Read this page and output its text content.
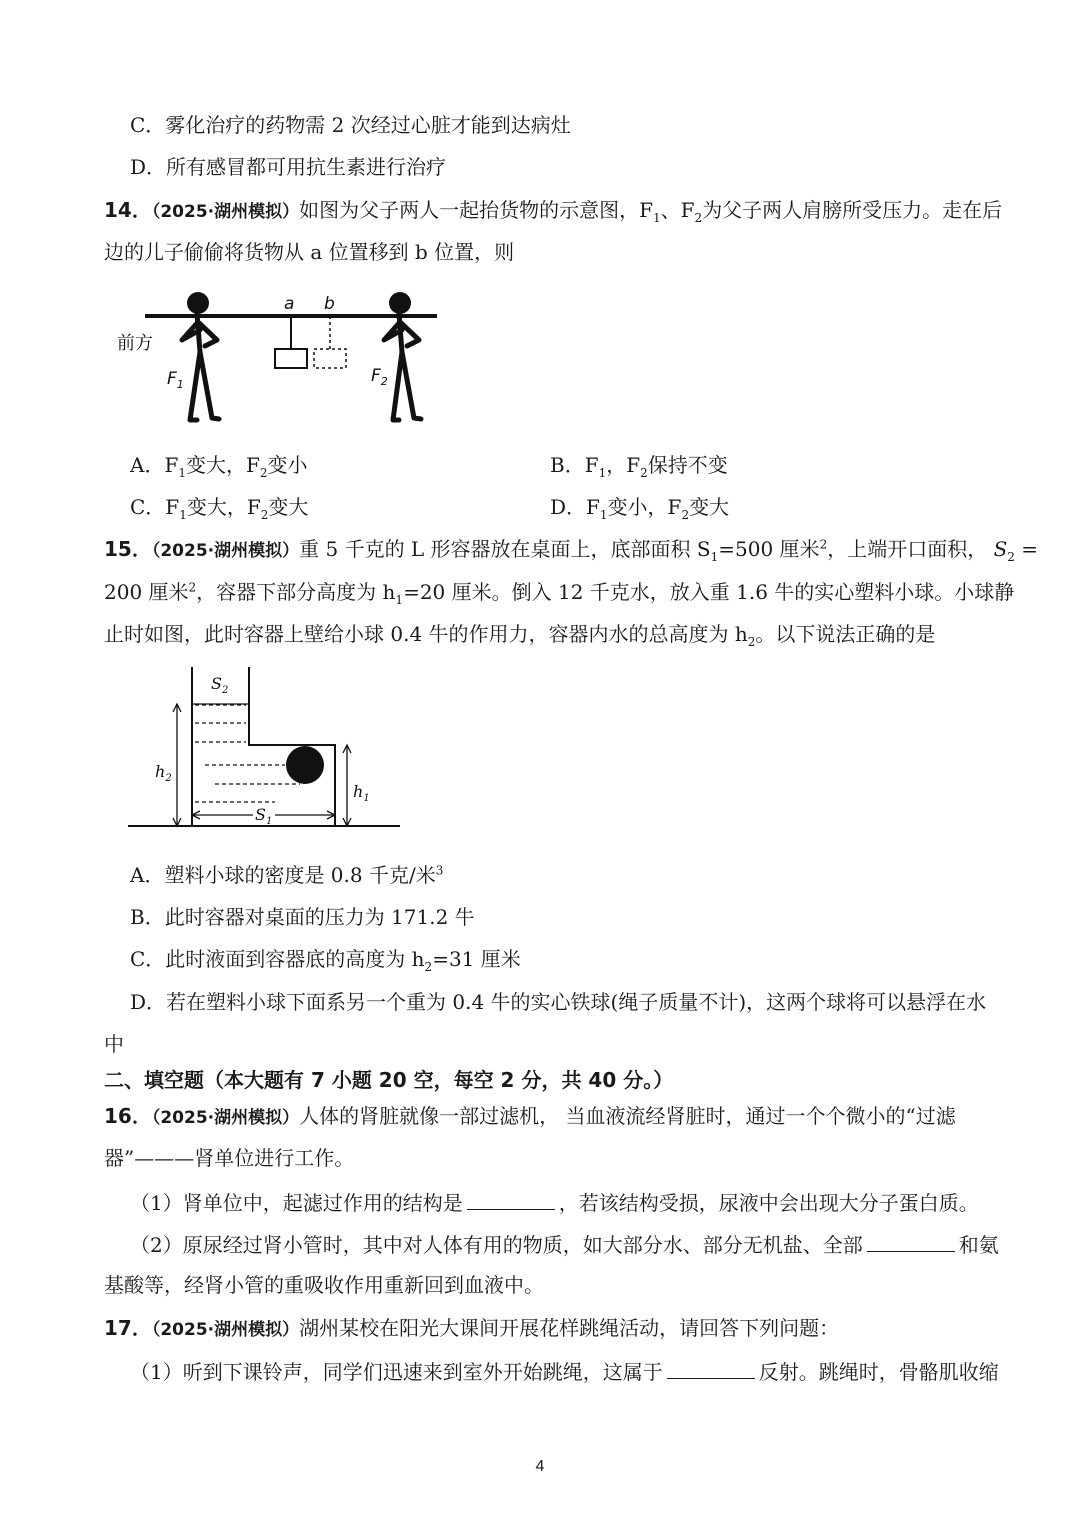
C．雾化治疗的药物需 2 次经过心脏才能到达病灶
D．所有感冒都可用抗生素进行治疗
14．（2025·湖州模拟）如图为父子两人一起抬货物的示意图，$F_1$、$F_2$为父子两人肩膀所受压力。走在后
边的儿子偷偷将货物从 a 位置移到 b 位置，则
a b
前方
$F_1$	$F_2$
A．$F_1$变大，$F_2$变小	B．$F_1$，$F_2$保持不变
C．$F_1$变大，$F_2$变大	D．$F_1$变小，$F_2$变大
15．（2025·湖州模拟）重 5 千克的 L 形容器放在桌面上，底部面积 $S_1=500$ 厘米$^2$，上端开口面积， $S_2$ =
200 厘米$^2$，容器下部分高度为 $h_1=20$ 厘米。倒入 12 千克水，放入重 1.6 牛的实心塑料小球。小球静
止时如图，此时容器上壁给小球 0.4 牛的作用力，容器内水的总高度为 $h_2$。以下说法正确的是
$S_2$
$S_1$
$h_2$
$h_1$
A．塑料小球的密度是 0.8 千克/米$^3$
B．此时容器对桌面的压力为 171.2 牛
C．此时液面到容器底的高度为 $h_2=31$ 厘米
D．若在塑料小球下面系另一个重为 0.4 牛的实心铁球(绳子质量不计)，这两个球将可以悬浮在水
中
二、填空题（本大题有 7 小题 20 空，每空 2 分，共 40 分。）
16．（2025·湖州模拟）人体的肾脏就像一部过滤机， 当血液流经肾脏时，通过一个个微小的“过滤
器”———肾单位进行工作。
（1）肾单位中，起滤过作用的结构是	，若该结构受损，尿液中会出现大分子蛋白质。
（2）原尿经过肾小管时，其中对人体有用的物质，如大部分水、部分无机盐、全部	和氨
基酸等，经肾小管的重吸收作用重新回到血液中。
17．（2025·湖州模拟）湖州某校在阳光大课间开展花样跳绳活动，请回答下列问题：
（1）听到下课铃声，同学们迅速来到室外开始跳绳，这属于	反射。跳绳时，骨骼肌收缩
4
